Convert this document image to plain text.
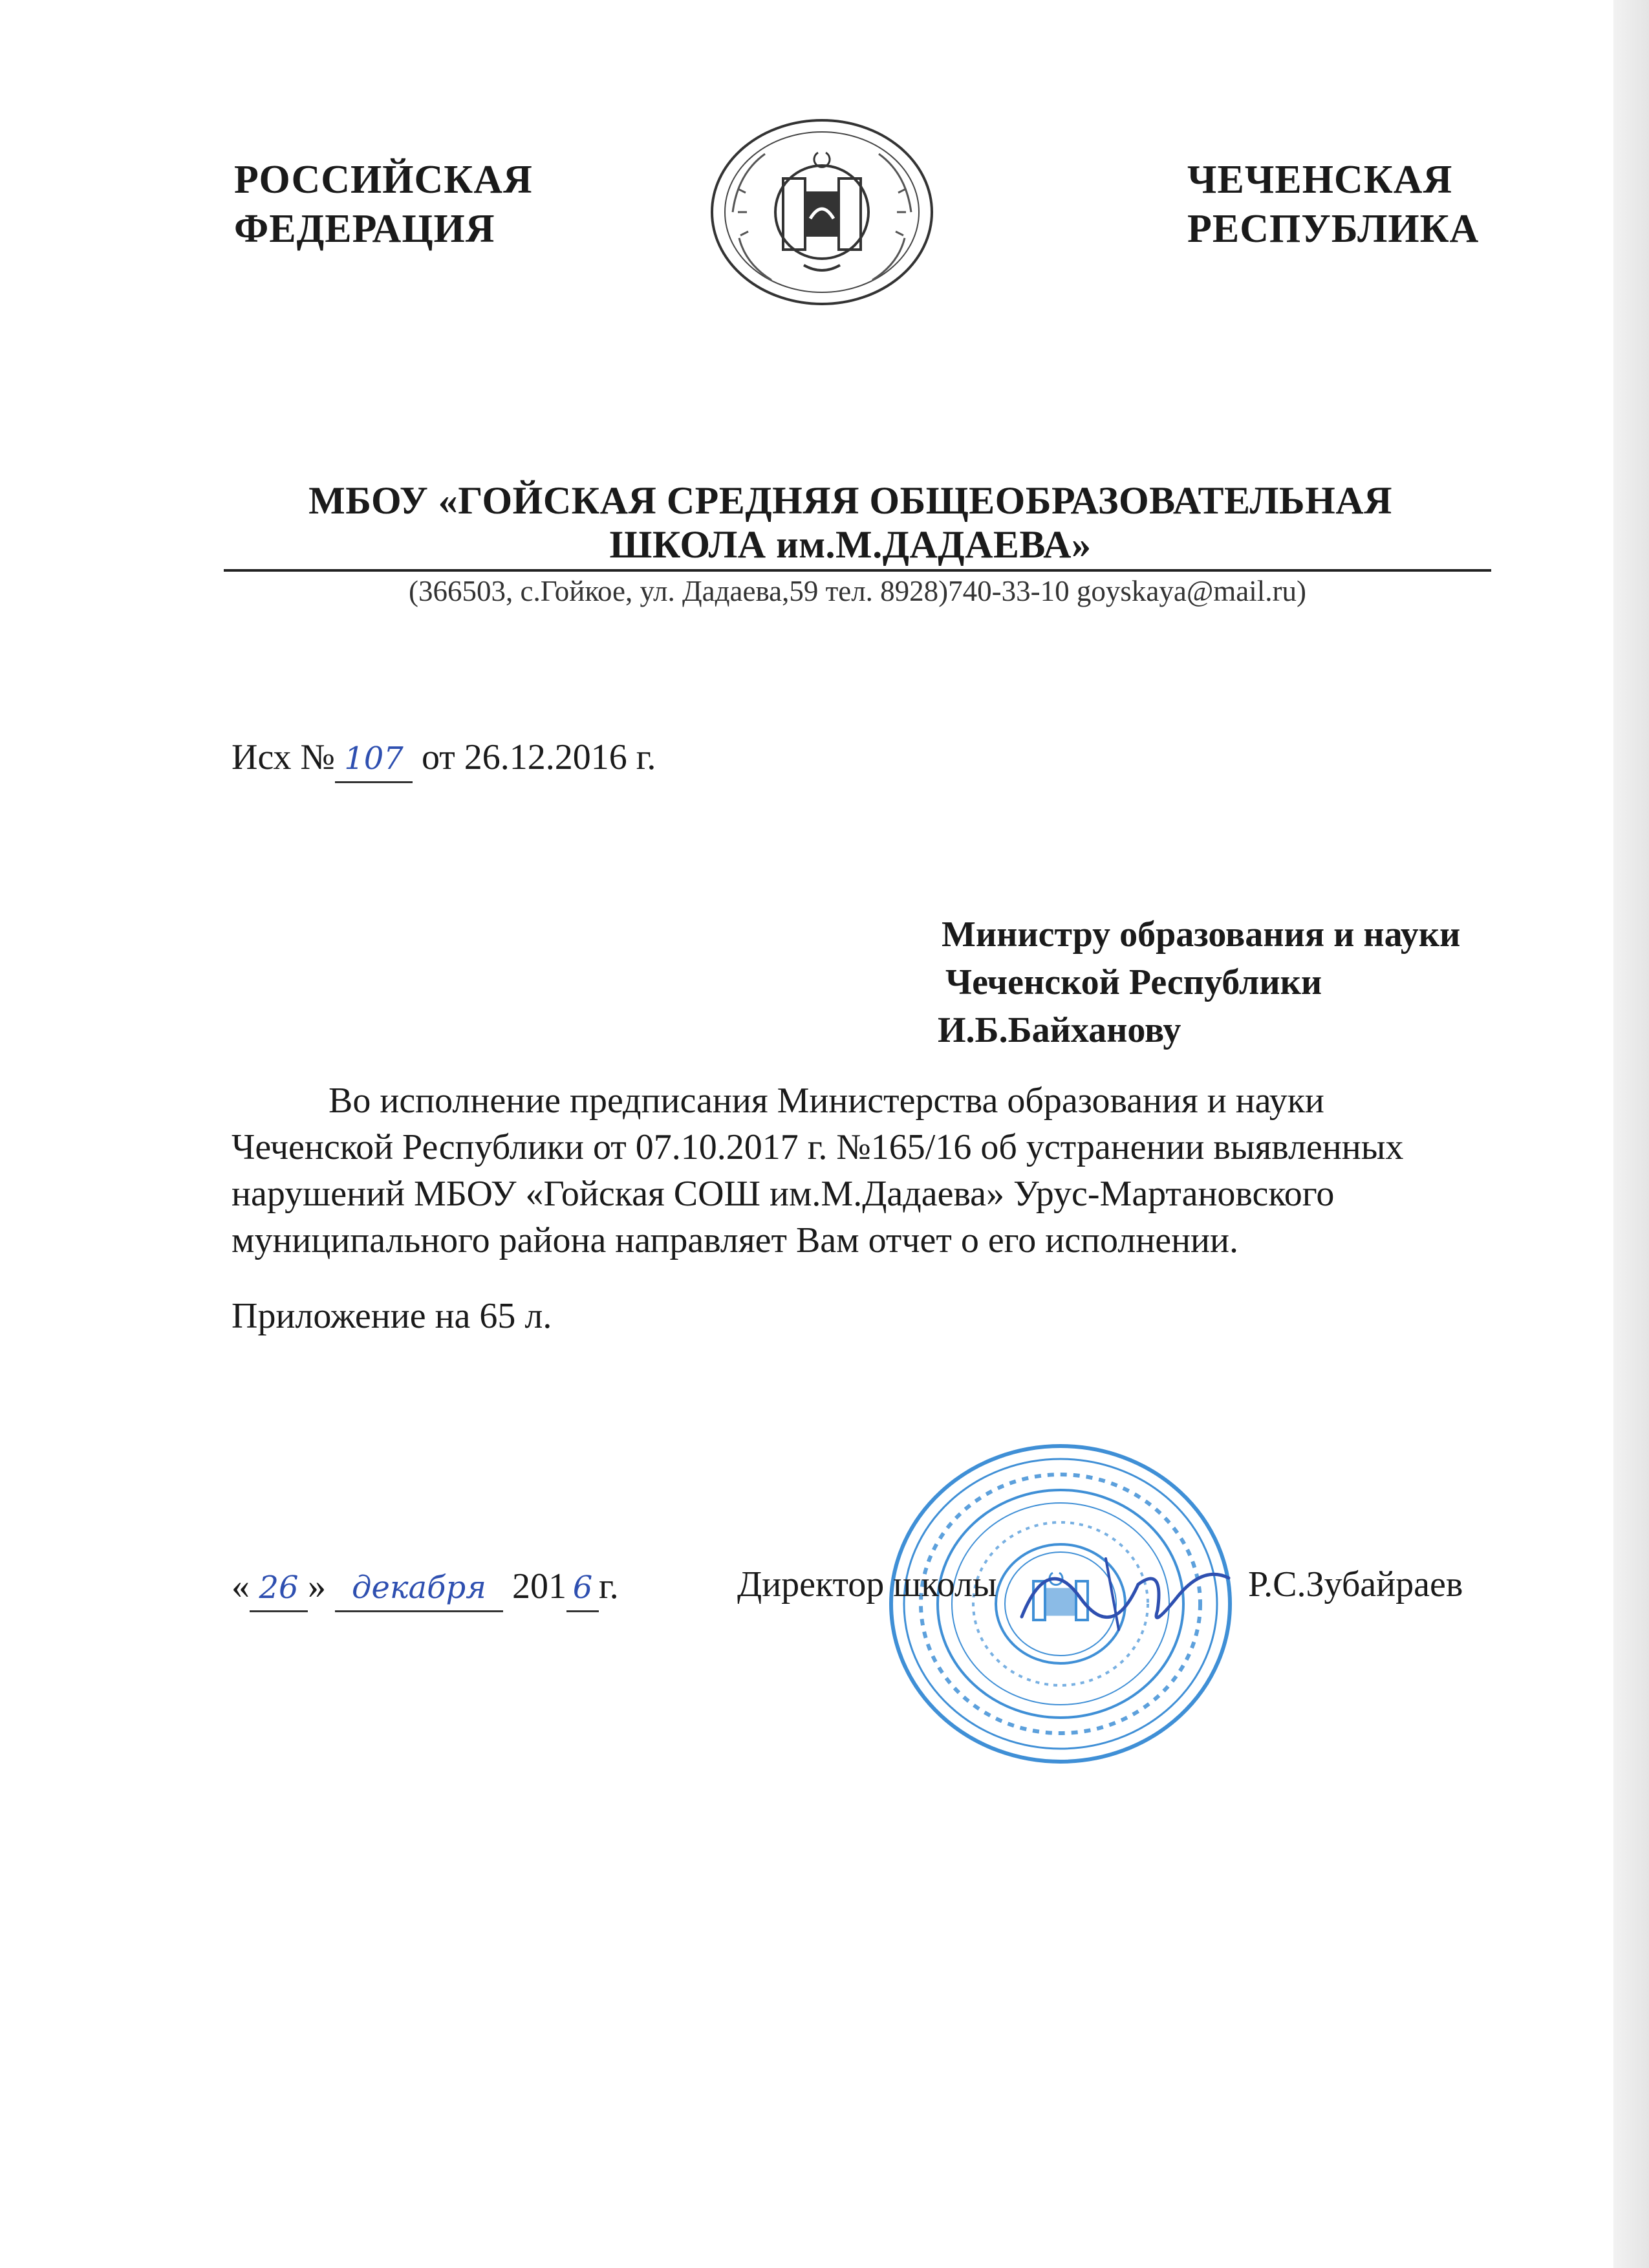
РОССИЙСКАЯ
ФЕДЕРАЦИЯ
ЧЕЧЕНСКАЯ
РЕСПУБЛИКА
МБОУ «ГОЙСКАЯ СРЕДНЯЯ ОБЩЕОБРАЗОВАТЕЛЬНАЯ
ШКОЛА им.М.ДАДАЕВА»
(366503, с.Гойкое, ул. Дадаева,59 тел. 8928)740-33-10 goyskaya@mail.ru)
Исх № 107 от 26.12.2016 г.
Министру образования и науки
Чеченской Республики
И.Б.Байханову
Во исполнение предписания Министерства образования и науки
Чеченской Республики от 07.10.2017 г. №165/16 об устранении выявленных
нарушений МБОУ «Гойская СОШ им.М.Дадаева» Урус-Мартановского
муниципального района направляет Вам отчет о его исполнении.
Приложение на 65 л.
« 26 » декабря 201 6 г.	Директор школы	Р.С.Зубайраев
